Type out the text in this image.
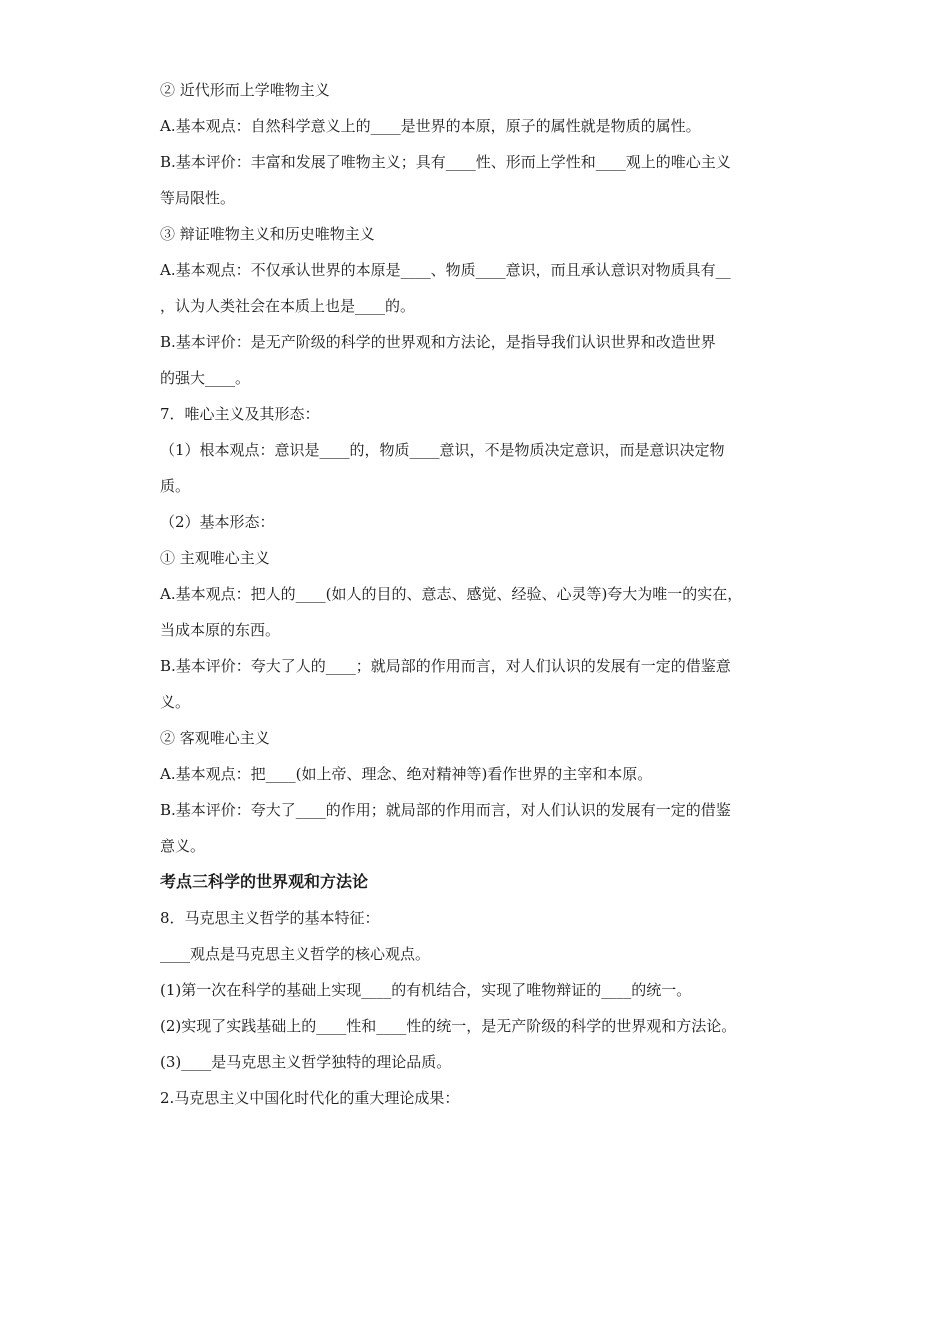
② 近代形而上学唯物主义
A.基本观点：自然科学意义上的____是世界的本原，原子的属性就是物质的属性。
B.基本评价：丰富和发展了唯物主义；具有____性、形而上学性和____观上的唯心主义
等局限性。
③ 辩证唯物主义和历史唯物主义
A.基本观点：不仅承认世界的本原是____、物质____意识，而且承认意识对物质具有__
，认为人类社会在本质上也是____的。
B.基本评价：是无产阶级的科学的世界观和方法论，是指导我们认识世界和改造世界
的强大____。
7．唯心主义及其形态：
（1）根本观点：意识是____的，物质____意识，不是物质决定意识，而是意识决定物
质。
（2）基本形态：
① 主观唯心主义
A.基本观点：把人的____(如人的目的、意志、感觉、经验、心灵等)夸大为唯一的实在，
当成本原的东西。
B.基本评价：夸大了人的____；就局部的作用而言，对人们认识的发展有一定的借鉴意
义。
② 客观唯心主义
A.基本观点：把____(如上帝、理念、绝对精神等)看作世界的主宰和本原。
B.基本评价：夸大了____的作用；就局部的作用而言，对人们认识的发展有一定的借鉴
意义。
考点三科学的世界观和方法论
8．马克思主义哲学的基本特征：
____观点是马克思主义哲学的核心观点。
(1)第一次在科学的基础上实现____的有机结合，实现了唯物辩证的____的统一。
(2)实现了实践基础上的____性和____性的统一，是无产阶级的科学的世界观和方法论。
(3)____是马克思主义哲学独特的理论品质。
2.马克思主义中国化时代化的重大理论成果：
